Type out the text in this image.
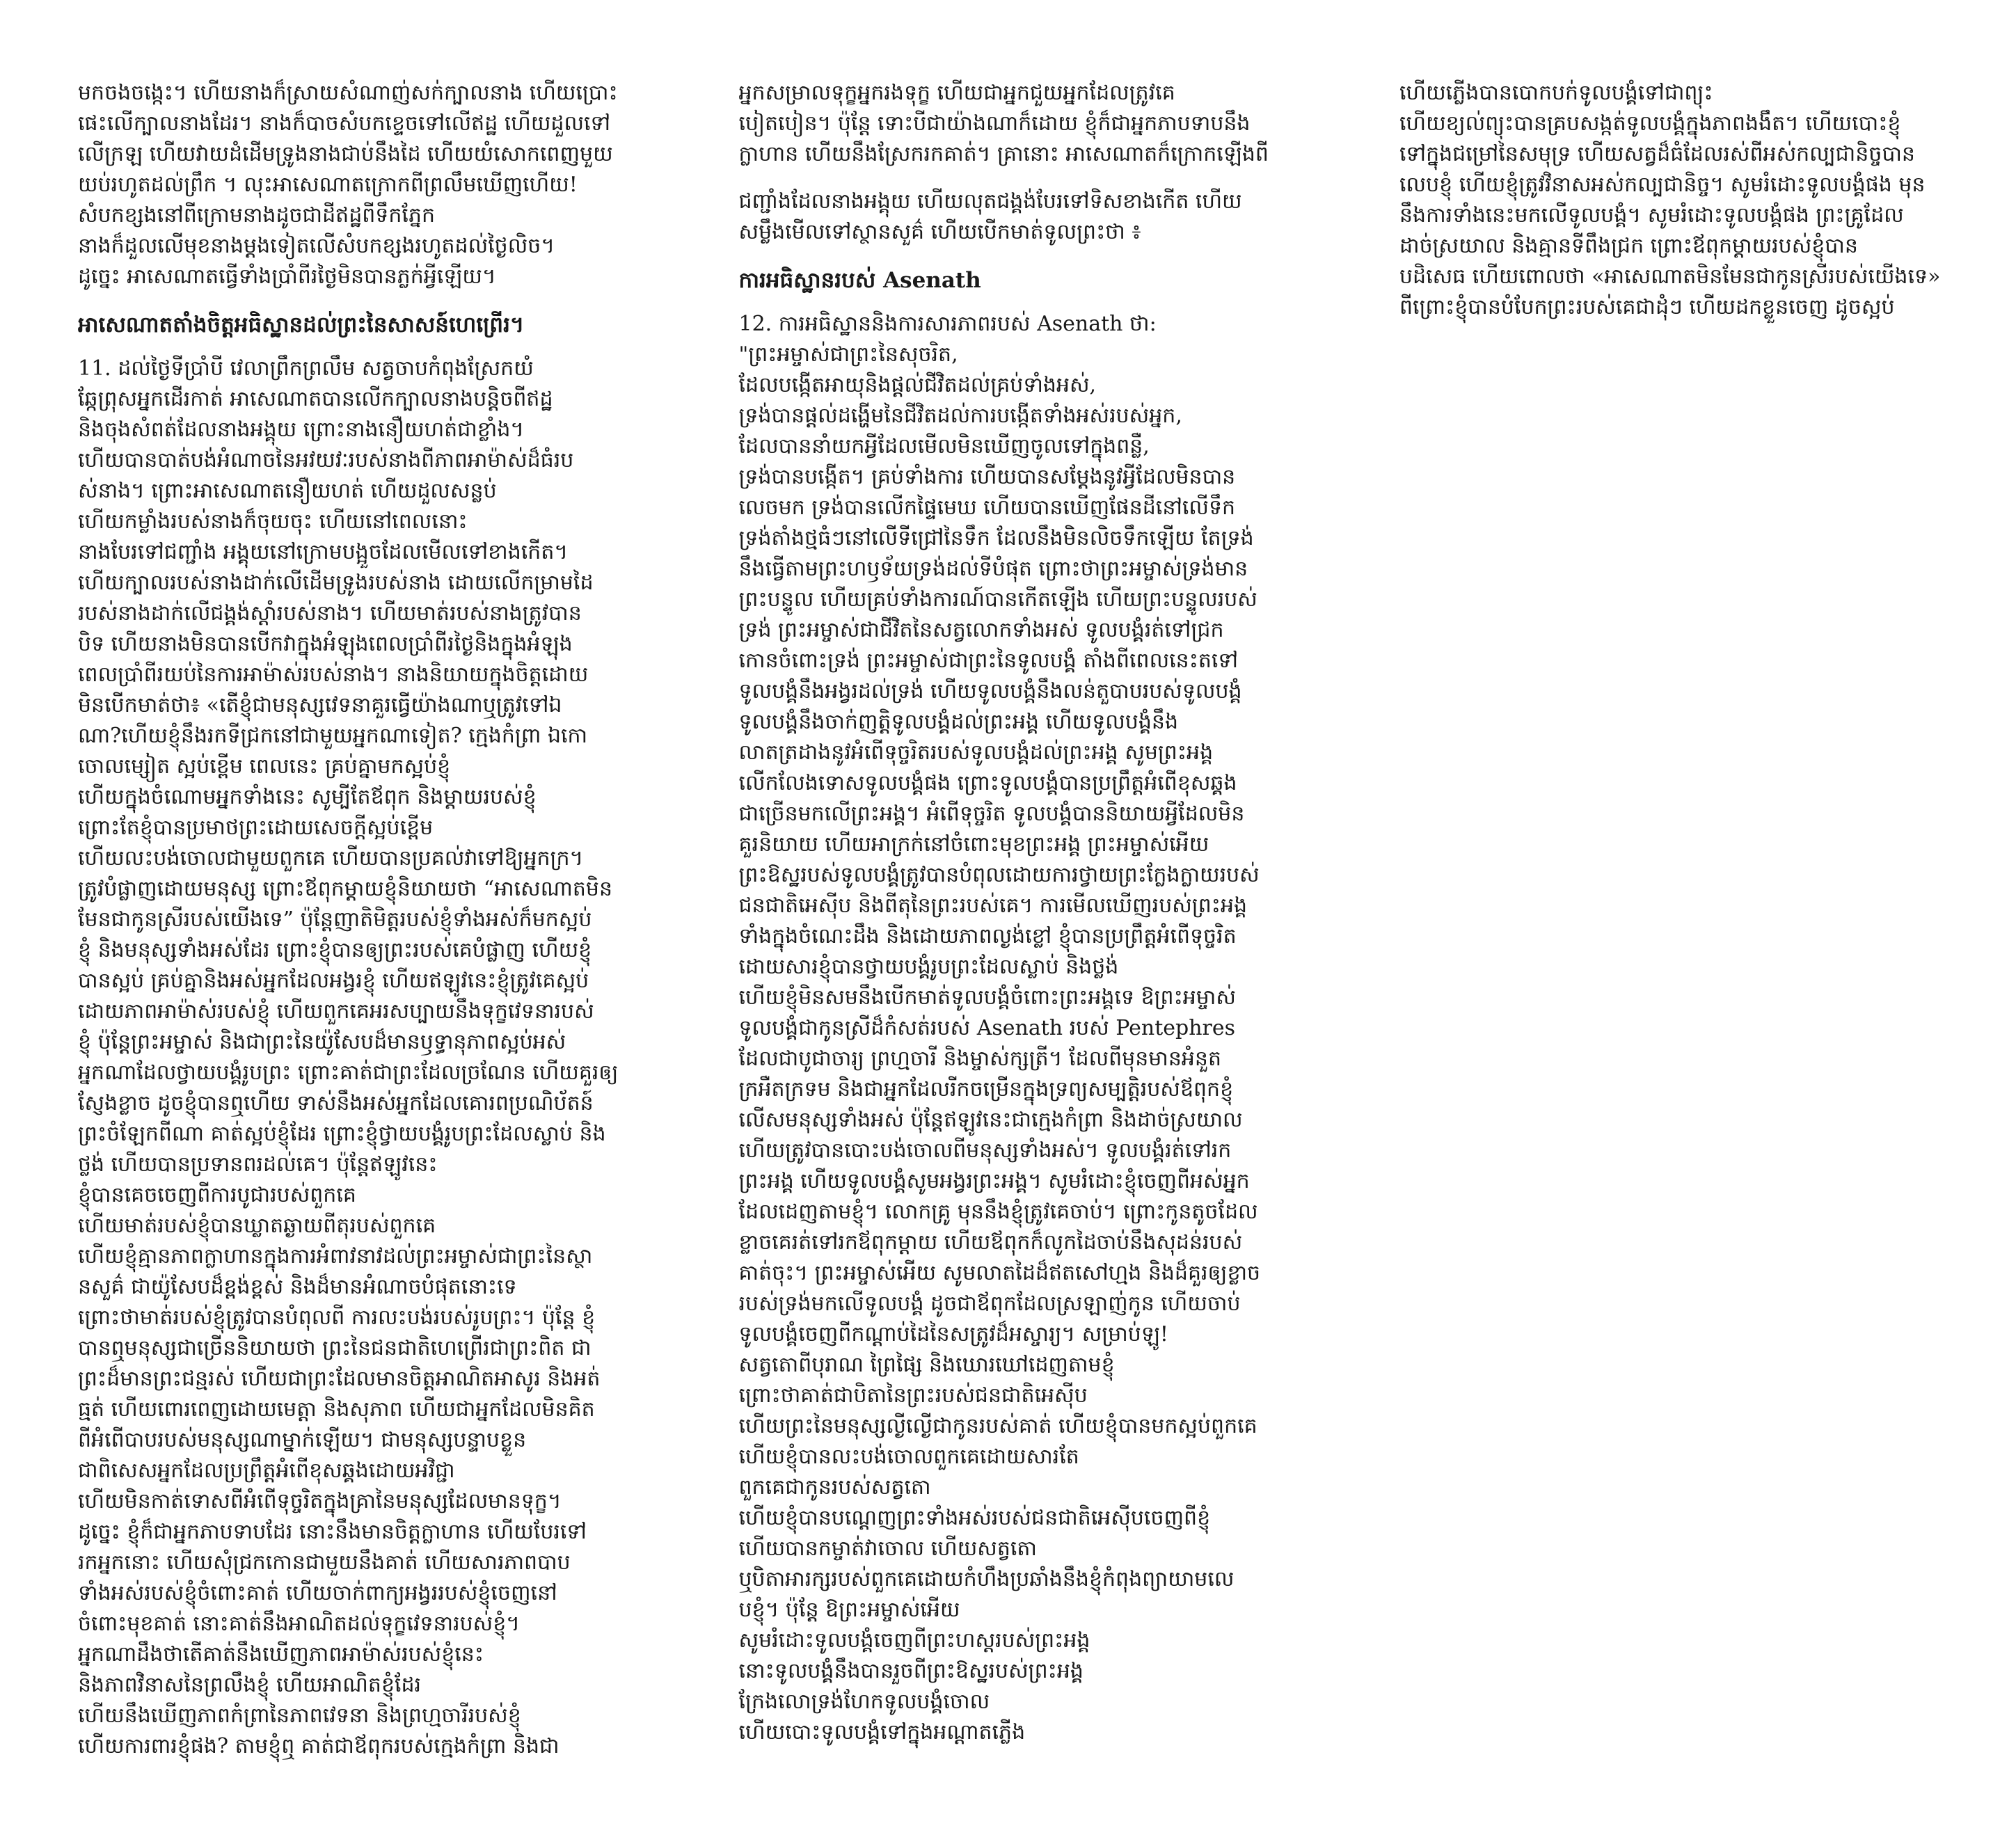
មកចងចង្កេះ។ ហើយនាងក៏ស្រាយសំណាញ់សក់ក្បាលនាង ហើយប្រោះ
ផេះលើក្បាលនាងដែរ។ នាងក៏បាចសំបកខ្ទេចទៅលើឥដ្ឋ ហើយដួលទៅ
លើក្រឡ ហើយវាយដំដើមទ្រូងនាងជាប់នឹងដៃ ហើយយំសោកពេញមួយ
យប់រហូតដល់ព្រឹក ។ លុះអាសេណាតក្រោកពីព្រលឹមឃើញហើយ!
សំបកខ្សងនៅពីក្រោមនាងដូចជាដីឥដ្ឋពីទឹកភ្នែក
នាងក៏ដួលលើមុខនាងម្តងទៀតលើសំបកខ្សងរហូតដល់ថ្ងៃលិច។
ដូច្នេះ អាសេណាតធ្វើទាំងប្រាំពីរថ្ងៃមិនបានភ្លក់អ្វីឡើយ។
អាសេណាតតាំងចិត្តអធិស្ឋានដល់ព្រះនៃសាសន៍ហេព្រើរ។
11. ដល់ថ្ងៃទីប្រាំបី វេលាព្រឹកព្រលឹម សត្វចាបកំពុងស្រែកយំ
ឆ្កែព្រុសអ្នកដើរកាត់ អាសេណាតបានលើកក្បាលនាងបន្តិចពីឥដ្ឋ
និងចុងសំពត់ដែលនាងអង្គុយ ព្រោះនាងនឿយហត់ជាខ្លាំង។
ហើយបានបាត់បង់អំណាចនៃអវយវៈរបស់នាងពីភាពអាម៉ាស់ដ៏ធំរប
ស់នាង។ ព្រោះអាសេណាតនឿយហត់ ហើយដួលសន្លប់
ហើយកម្លាំងរបស់នាងក៏ចុយចុះ ហើយនៅពេលនោះ
នាងបែរទៅជញ្ជាំង អង្គុយនៅក្រោមបង្អួចដែលមើលទៅខាងកើត។
ហើយក្បាលរបស់នាងដាក់លើដើមទ្រូងរបស់នាង ដោយលើកម្រាមដៃ
របស់នាងដាក់លើជង្គង់ស្តាំរបស់នាង។ ហើយមាត់របស់នាងត្រូវបាន
បិទ ហើយនាងមិនបានបើកវាក្នុងអំឡុងពេលប្រាំពីរថ្ងៃនិងក្នុងអំឡុង
ពេលប្រាំពីរយប់នៃការអាម៉ាស់របស់នាង។ នាងនិយាយក្នុងចិត្តដោយ
មិនបើកមាត់ថា៖ «តើខ្ញុំជាមនុស្សវេទនាគួរធ្វើយ៉ាងណាឬត្រូវទៅឯ
ណា?ហើយខ្ញុំនឹងរកទីជ្រកនៅជាមួយអ្នកណាទៀត? ក្មេងកំព្រា ឯកោ
ចោលម្សៀត ស្អប់ខ្ពើម ពេលនេះ គ្រប់គ្នាមកស្អប់ខ្ញុំ
ហើយក្នុងចំណោមអ្នកទាំងនេះ សូម្បីតែឪពុក និងម្តាយរបស់ខ្ញុំ
ព្រោះតែខ្ញុំបានប្រមាថព្រះដោយសេចក្តីស្អប់ខ្ពើម
ហើយលះបង់ចោលជាមួយពួកគេ ហើយបានប្រគល់វាទៅឱ្យអ្នកក្រ។
ត្រូវបំផ្លាញដោយមនុស្ស ព្រោះឪពុកម្តាយខ្ញុំនិយាយថា “អាសេណាតមិន
មែនជាកូនស្រីរបស់យើងទេ” ប៉ុន្តែញាតិមិត្តរបស់ខ្ញុំទាំងអស់ក៏មកស្អប់
ខ្ញុំ និងមនុស្សទាំងអស់ដែរ ព្រោះខ្ញុំបានឲ្យព្រះរបស់គេបំផ្លាញ ហើយខ្ញុំ
បានស្អប់ គ្រប់គ្នានិងអស់អ្នកដែលអង្វរខ្ញុំ ហើយឥឡូវនេះខ្ញុំត្រូវគេស្អប់
ដោយភាពអាម៉ាស់របស់ខ្ញុំ ហើយពួកគេអរសប្បាយនឹងទុក្ខវេទនារបស់
ខ្ញុំ ប៉ុន្តែព្រះអម្ចាស់ និងជាព្រះនៃយ៉ូសែបដ៏មានឫទ្ធានុភាពស្អប់អស់
អ្នកណាដែលថ្វាយបង្គំរូបព្រះ ព្រោះគាត់ជាព្រះដែលច្រណែន ហើយគួរឲ្យ
ស្ញែងខ្លាច ដូចខ្ញុំបានឮហើយ ទាស់នឹងអស់អ្នកដែលគោរពប្រណិប័តន៍
ព្រះចំឡែកពីណា គាត់ស្អប់ខ្ញុំដែរ ព្រោះខ្ញុំថ្វាយបង្គំរូបព្រះដែលស្លាប់ និង
ថ្លង់ ហើយបានប្រទានពរដល់គេ។ ប៉ុន្តែឥឡូវនេះ
ខ្ញុំបានគេចចេញពីការបូជារបស់ពួកគេ
ហើយមាត់របស់ខ្ញុំបានឃ្លាតឆ្ងាយពីតុរបស់ពួកគេ
ហើយខ្ញុំគ្មានភាពក្លាហានក្នុងការអំពាវនាវដល់ព្រះអម្ចាស់ជាព្រះនៃស្ថា
នសួគ៌ ជាយ៉ូសែបដ៏ខ្ពង់ខ្ពស់ និងដ៏មានអំណាចបំផុតនោះទេ
ព្រោះថាមាត់របស់ខ្ញុំត្រូវបានបំពុលពី ការលះបង់របស់រូបព្រះ។ ប៉ុន្តែ ខ្ញុំ
បានឮមនុស្សជាច្រើននិយាយថា ព្រះនៃជនជាតិហេព្រើរជាព្រះពិត ជា
ព្រះដ៏មានព្រះជន្មរស់ ហើយជាព្រះដែលមានចិត្តអាណិតអាសូរ និងអត់
ធ្មត់ ហើយពោរពេញដោយមេត្តា និងសុភាព ហើយជាអ្នកដែលមិនគិត
ពីអំពើបាបរបស់មនុស្សណាម្នាក់ឡើយ។ ជាមនុស្សបន្ទាបខ្លួន
ជាពិសេសអ្នកដែលប្រព្រឹត្តអំពើខុសឆ្គងដោយអវិជ្ជា
ហើយមិនកាត់ទោសពីអំពើទុច្ចរិតក្នុងគ្រានៃមនុស្សដែលមានទុក្ខ។
ដូច្នេះ ខ្ញុំក៏ជាអ្នកភាបទាបដែរ នោះនឹងមានចិត្តក្លាហាន ហើយបែរទៅ
រកអ្នកនោះ ហើយសុំជ្រកកោនជាមួយនឹងគាត់ ហើយសារភាពបាប
ទាំងអស់របស់ខ្ញុំចំពោះគាត់ ហើយចាក់ពាក្យអង្វររបស់ខ្ញុំចេញនៅ
ចំពោះមុខគាត់ នោះគាត់នឹងអាណិតដល់ទុក្ខវេទនារបស់ខ្ញុំ។
អ្នកណាដឹងថាតើគាត់នឹងឃើញភាពអាម៉ាស់របស់ខ្ញុំនេះ
និងភាពវិនាសនៃព្រលឹងខ្ញុំ ហើយអាណិតខ្ញុំដែរ
ហើយនឹងឃើញភាពកំព្រានៃភាពវេទនា និងព្រហ្មចារីរបស់ខ្ញុំ
ហើយការពារខ្ញុំផង? តាមខ្ញុំឮ គាត់ជាឪពុករបស់ក្មេងកំព្រា និងជា
អ្នកសម្រាលទុក្ខអ្នករងទុក្ខ ហើយជាអ្នកជួយអ្នកដែលត្រូវគេ
បៀតបៀន។ ប៉ុន្តែ ទោះបីជាយ៉ាងណាក៏ដោយ ខ្ញុំក៏ជាអ្នកភាបទាបនឹង
ក្លាហាន ហើយនឹងស្រែករកគាត់។ គ្រានោះ អាសេណាតក៏ក្រោកឡើងពី
ជញ្ជាំងដែលនាងអង្គុយ ហើយលុតជង្គង់បែរទៅទិសខាងកើត ហើយ
សម្លឹងមើលទៅស្ថានសួគ៌ ហើយបើកមាត់ទូលព្រះថា ៖
ការអធិស្ឋានរបស់ Asenath
12. ការអធិស្ឋាននិងការសារភាពរបស់ Asenath ថា:
"ព្រះអម្ចាស់ជាព្រះនៃសុចរិត,
ដែលបង្កើតអាយុនិងផ្តល់ជីវិតដល់គ្រប់ទាំងអស់,
ទ្រង់បានផ្តល់ដង្ហើមនៃជីវិតដល់ការបង្កើតទាំងអស់របស់អ្នក,
ដែលបាននាំយកអ្វីដែលមើលមិនឃើញចូលទៅក្នុងពន្លឺ,
ទ្រង់បានបង្កើត។ គ្រប់ទាំងការ ហើយបានសម្តែងនូវអ្វីដែលមិនបាន
លេចមក ទ្រង់បានលើកផ្ទៃមេឃ ហើយបានឃើញផែនដីនៅលើទឹក
ទ្រង់តាំងថ្មធំៗនៅលើទីជ្រៅនៃទឹក ដែលនឹងមិនលិចទឹកឡើយ តែទ្រង់
នឹងធ្វើតាមព្រះហឫទ័យទ្រង់ដល់ទីបំផុត ព្រោះថាព្រះអម្ចាស់ទ្រង់មាន
ព្រះបន្ទូល ហើយគ្រប់ទាំងការណ៍បានកើតឡើង ហើយព្រះបន្ទូលរបស់
ទ្រង់ ព្រះអម្ចាស់ជាជីវិតនៃសត្វលោកទាំងអស់ ទូលបង្គំរត់ទៅជ្រក
កោនចំពោះទ្រង់ ព្រះអម្ចាស់ជាព្រះនៃទូលបង្គំ តាំងពីពេលនេះតទៅ
ទូលបង្គំនឹងអង្វរដល់ទ្រង់ ហើយទូលបង្គំនឹងលន់តួបាបរបស់ទូលបង្គំ
ទូលបង្គំនឹងចាក់ញត្តិទូលបង្គំដល់ព្រះអង្គ ហើយទូលបង្គំនឹង
លាតត្រដាងនូវអំពើទុច្ចរិតរបស់ទូលបង្គំដល់ព្រះអង្គ សូមព្រះអង្គ
លើកលែងទោសទូលបង្គំផង ព្រោះទូលបង្គំបានប្រព្រឹត្តអំពើខុសឆ្គង
ជាច្រើនមកលើព្រះអង្គ។ អំពើទុច្ចរិត ទូលបង្គំបាននិយាយអ្វីដែលមិន
គួរនិយាយ ហើយអាក្រក់នៅចំពោះមុខព្រះអង្គ ព្រះអម្ចាស់អើយ
ព្រះឱស្ឋរបស់ទូលបង្គំត្រូវបានបំពុលដោយការថ្វាយព្រះក្លែងក្លាយរបស់
ជនជាតិអេស៊ីប និងពីតុនៃព្រះរបស់គេ។ ការមើលឃើញរបស់ព្រះអង្គ
ទាំងក្នុងចំណេះដឹង និងដោយភាពល្ងង់ខ្លៅ ខ្ញុំបានប្រព្រឹត្តអំពើទុច្ចរិត
ដោយសារខ្ញុំបានថ្វាយបង្គំរូបព្រះដែលស្លាប់ និងថ្លង់
ហើយខ្ញុំមិនសមនឹងបើកមាត់ទូលបង្គំចំពោះព្រះអង្គទេ ឱព្រះអម្ចាស់
ទូលបង្គំជាកូនស្រីដ៏កំសត់របស់ Asenath របស់ Pentephres
ដែលជាបូជាចារ្យ ព្រហ្មចារី និងម្ចាស់ក្សត្រី។ ដែលពីមុនមានអំនួត
ក្រអឺតក្រទម និងជាអ្នកដែលរីកចម្រើនក្នុងទ្រព្យសម្បត្តិរបស់ឪពុកខ្ញុំ
លើសមនុស្សទាំងអស់ ប៉ុន្តែឥឡូវនេះជាក្មេងកំព្រា និងដាច់ស្រយាល
ហើយត្រូវបានបោះបង់ចោលពីមនុស្សទាំងអស់។ ទូលបង្គំរត់ទៅរក
ព្រះអង្គ ហើយទូលបង្គំសូមអង្វរព្រះអង្គ។ សូមរំដោះខ្ញុំចេញពីអស់អ្នក
ដែលដេញតាមខ្ញុំ។ លោកគ្រូ មុននឹងខ្ញុំត្រូវគេចាប់។ ព្រោះកូនតូចដែល
ខ្លាចគេរត់ទៅរកឪពុកម្តាយ ហើយឪពុកក៏លូកដៃចាប់នឹងសុដន់របស់
គាត់ចុះ។ ព្រះអម្ចាស់អើយ សូមលាតដៃដ៏ឥតសៅហ្មង និងដ៏គួរឲ្យខ្លាច
របស់ទ្រង់មកលើទូលបង្គំ ដូចជាឪពុកដែលស្រឡាញ់កូន ហើយចាប់
ទូលបង្គំចេញពីកណ្ដាប់ដៃនៃសត្រូវដ៏អស្ចារ្យ។ សម្រាប់ឡូ!
សត្វតោពីបុរាណ ព្រៃផ្សៃ និងឃោរឃៅដេញតាមខ្ញុំ
ព្រោះថាគាត់ជាបិតានៃព្រះរបស់ជនជាតិអេស៊ីប
ហើយព្រះនៃមនុស្សល្ងីល្ងើជាកូនរបស់គាត់ ហើយខ្ញុំបានមកស្អប់ពួកគេ
ហើយខ្ញុំបានលះបង់ចោលពួកគេដោយសារតែ
ពួកគេជាកូនរបស់សត្វតោ
ហើយខ្ញុំបានបណ្តេញព្រះទាំងអស់របស់ជនជាតិអេស៊ីបចេញពីខ្ញុំ
ហើយបានកម្ចាត់វាចោល ហើយសត្វតោ
ឬបិតាអារក្សរបស់ពួកគេដោយកំហឹងប្រឆាំងនឹងខ្ញុំកំពុងព្យាយាមលេ
បខ្ញុំ។ ប៉ុន្តែ ឱព្រះអម្ចាស់អើយ
សូមរំដោះទូលបង្គំចេញពីព្រះហស្តរបស់ព្រះអង្គ
នោះទូលបង្គំនឹងបានរួចពីព្រះឱស្ឋរបស់ព្រះអង្គ
ក្រែងលោទ្រង់ហែកទូលបង្គំចោល
ហើយបោះទូលបង្គំទៅក្នុងអណ្តាតភ្លើង
ហើយភ្លើងបានបោកបក់ទូលបង្គំទៅជាព្យុះ
ហើយខ្យល់ព្យុះបានគ្របសង្កត់ទូលបង្គំក្នុងភាពងងឹត។ ហើយបោះខ្ញុំ
ទៅក្នុងជម្រៅនៃសមុទ្រ ហើយសត្វដ៏ធំដែលរស់ពីអស់កល្បជានិច្ចបាន
លេបខ្ញុំ ហើយខ្ញុំត្រូវវិនាសអស់កល្បជានិច្ច។ សូមរំដោះទូលបង្គំផង មុន
នឹងការទាំងនេះមកលើទូលបង្គំ។ សូមរំដោះទូលបង្គំផង ព្រះគ្រូដែល
ដាច់ស្រយាល និងគ្មានទីពឹងជ្រក ព្រោះឪពុកម្តាយរបស់ខ្ញុំបាន
បដិសេធ ហើយពោលថា «អាសេណាតមិនមែនជាកូនស្រីរបស់យើងទេ»
ពីព្រោះខ្ញុំបានបំបែកព្រះរបស់គេជាដុំៗ ហើយដកខ្លួនចេញ ដូចស្អប់
